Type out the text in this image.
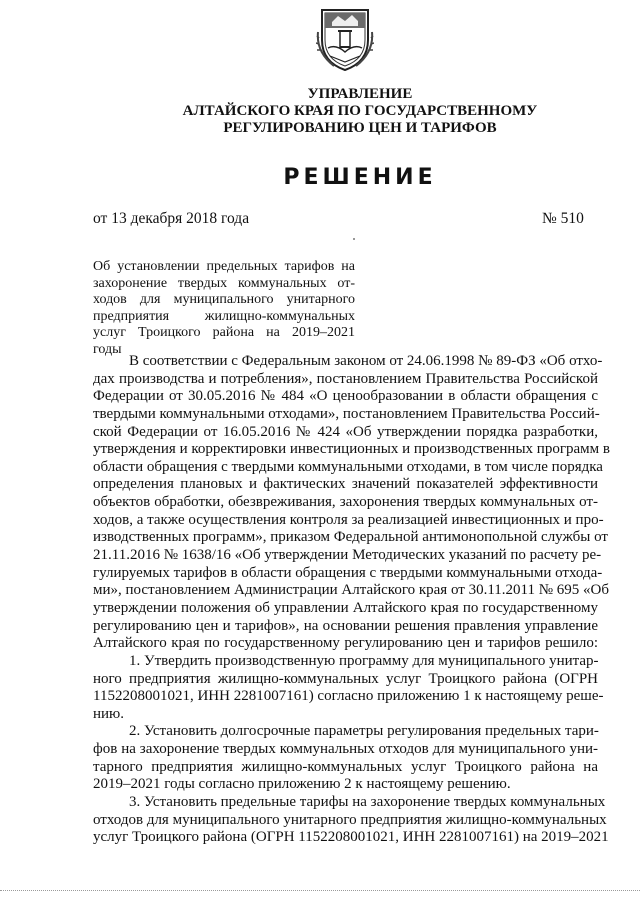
УПРАВЛЕНИЕ
АЛТАЙСКОГО КРАЯ ПО ГОСУДАРСТВЕННОМУ
РЕГУЛИРОВАНИЮ ЦЕН И ТАРИФОВ
РЕШЕНИЕ
от 13 декабря 2018 года	№ 510
Об установлении предельных тарифов на
захоронение твердых коммунальных от-
ходов для муниципального унитарного
предприятия жилищно-коммунальных
услуг Троицкого района на 2019–2021
годы
В соответствии с Федеральным законом от 24.06.1998 № 89-ФЗ «Об отхо-
дах производства и потребления», постановлением Правительства Российской
Федерации от 30.05.2016 № 484 «О ценообразовании в области обращения с
твердыми коммунальными отходами», постановлением Правительства Россий-
ской Федерации от 16.05.2016 № 424 «Об утверждении порядка разработки,
утверждения и корректировки инвестиционных и производственных программ в
области обращения с твердыми коммунальными отходами, в том числе порядка
определения плановых и фактических значений показателей эффективности
объектов обработки, обезвреживания, захоронения твердых коммунальных от-
ходов, а также осуществления контроля за реализацией инвестиционных и про-
изводственных программ», приказом Федеральной антимонопольной службы от
21.11.2016 № 1638/16 «Об утверждении Методических указаний по расчету ре-
гулируемых тарифов в области обращения с твердыми коммунальными отхода-
ми», постановлением Администрации Алтайского края от 30.11.2011 № 695 «Об
утверждении положения об управлении Алтайского края по государственному
регулированию цен и тарифов», на основании решения правления управление
Алтайского края по государственному регулированию цен и тарифов решило:
1. Утвердить производственную программу для муниципального унитар-
ного предприятия жилищно-коммунальных услуг Троицкого района (ОГРН
1152208001021, ИНН 2281007161) согласно приложению 1 к настоящему реше-
нию.
2. Установить долгосрочные параметры регулирования предельных тари-
фов на захоронение твердых коммунальных отходов для муниципального уни-
тарного предприятия жилищно-коммунальных услуг Троицкого района на
2019–2021 годы согласно приложению 2 к настоящему решению.
3. Установить предельные тарифы на захоронение твердых коммунальных
отходов для муниципального унитарного предприятия жилищно-коммунальных
услуг Троицкого района (ОГРН 1152208001021, ИНН 2281007161) на 2019–2021
